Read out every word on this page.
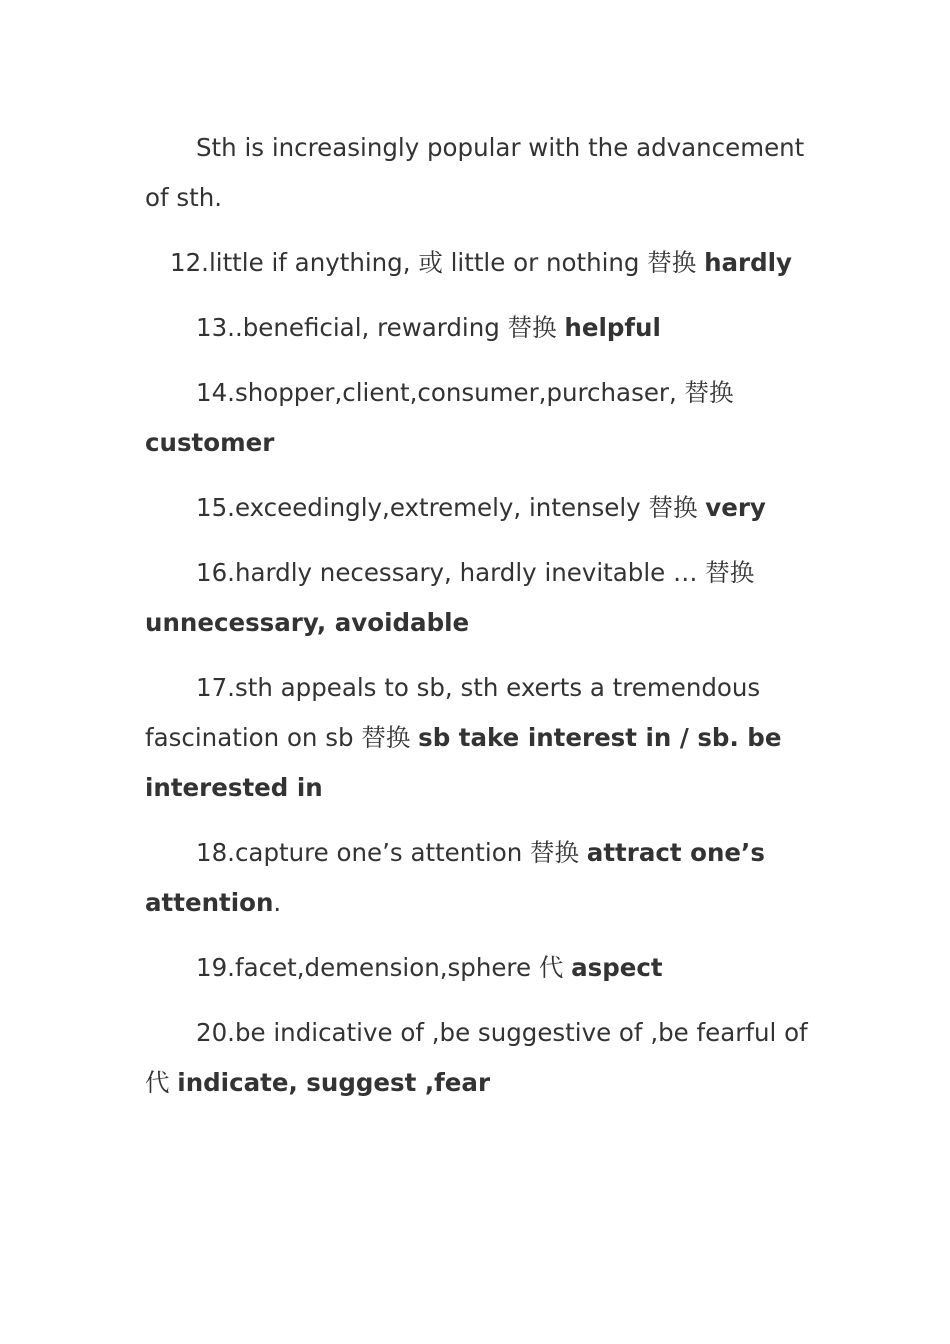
Sth is increasingly popular with the advancement of sth.

12.little if anything, 或 little or nothing 替换 hardly

13..beneficial, rewarding 替换 helpful

14.shopper,client,consumer,purchaser, 替换 customer

15.exceedingly,extremely, intensely 替换 very

16.hardly necessary, hardly inevitable … 替换 unnecessary, avoidable

17.sth appeals to sb, sth exerts a tremendous fascination on sb 替换 sb take interest in / sb. be interested in

18.capture one’s attention 替换 attract one’s attention.

19.facet,demension,sphere 代 aspect

20.be indicative of ,be suggestive of ,be fearful of 代 indicate, suggest ,fear
